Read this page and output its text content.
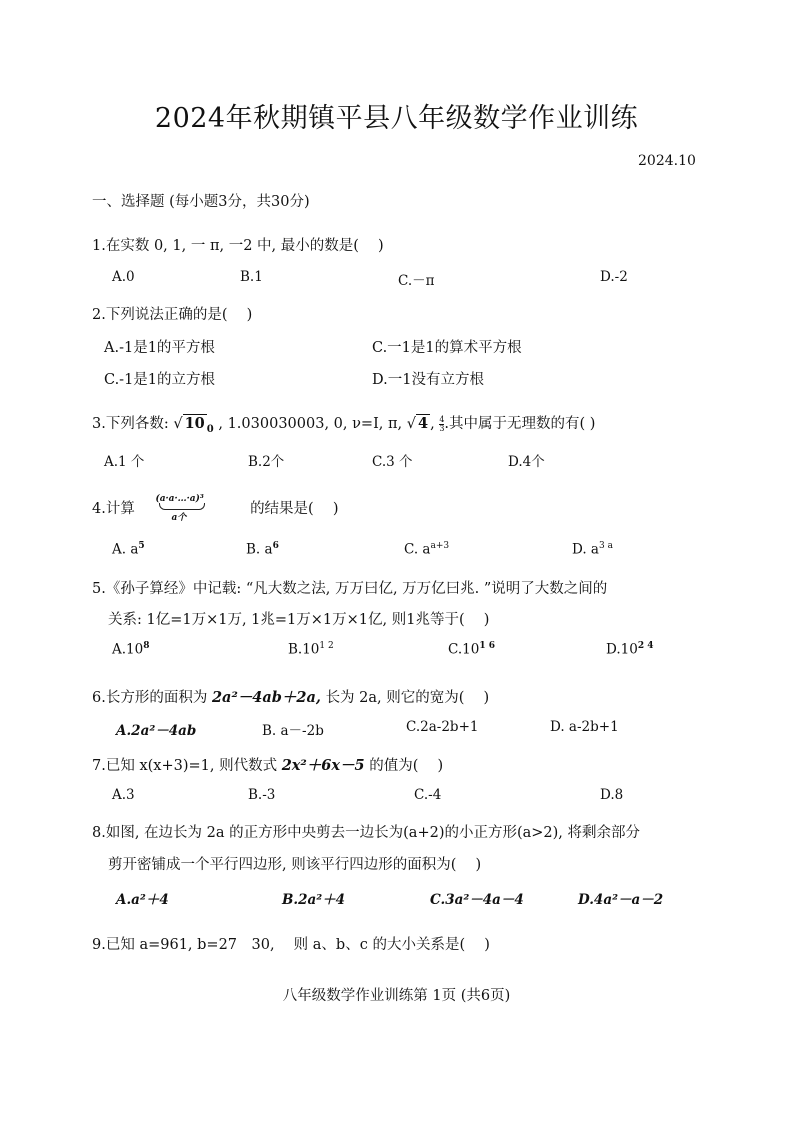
2024年秋期镇平县八年级数学作业训练
2024.10
一、选择题 (每小题3分，共30分)
1.在实数 0, 1, 一 π, 一2 中, 最小的数是(　 )
A.0	B.1	C.－π	D.-2
2.下列说法正确的是(　 )
A.-1是1的平方根	C.一1是1的算术平方根
C.-1是1的立方根	D.一1没有立方根
3.下列各数: √ 10 $_0$ , 1.030030003, 0, ν=I, π, √ 4 , $\frac{4}{3}$ .其中属于无理数的有( )
A.1 个	B.2个	C.3 个	D.4个
4.计算
(a·a·…·a)³
a个
的结果是(　 )
A. $a^5$	B. $a^6$	C. $a^{a+3}$	D. $a^{3 a}$
5.《孙子算经》中记载: “凡大数之法, 万万曰亿, 万万亿曰兆. ”说明了大数之间的
关系: 1亿=1万×1万, 1兆=1万×1万×1亿, 则1兆等于(　 )
$A.10^8$	$B.10^{1 2}$	$C.10^{1 6}$	$D.10^{2 4}$
6.长方形的面积为 2a²－4ab＋2a, 长为 2a, 则它的宽为(　 )
A.2a²－4ab	B. a－-2b	C.2a-2b+1	D. a-2b+1
7.已知 x(x+3)=1, 则代数式 2x²＋6x－5 的值为(　 )
A.3	B.-3	C.-4	D.8
8.如图, 在边长为 2a 的正方形中央剪去一边长为(a+2)的小正方形(a>2), 将剩余部分
剪开密铺成一个平行四边形, 则该平行四边形的面积为(　 )
A.a²＋4	B.2a²＋4	C.3a²－4a－4	D.4a²－a－2
9.已知 a=961, b=27　30,　 则 a、b、c 的大小关系是(　 )
八年级数学作业训练第 1页 (共6页)
